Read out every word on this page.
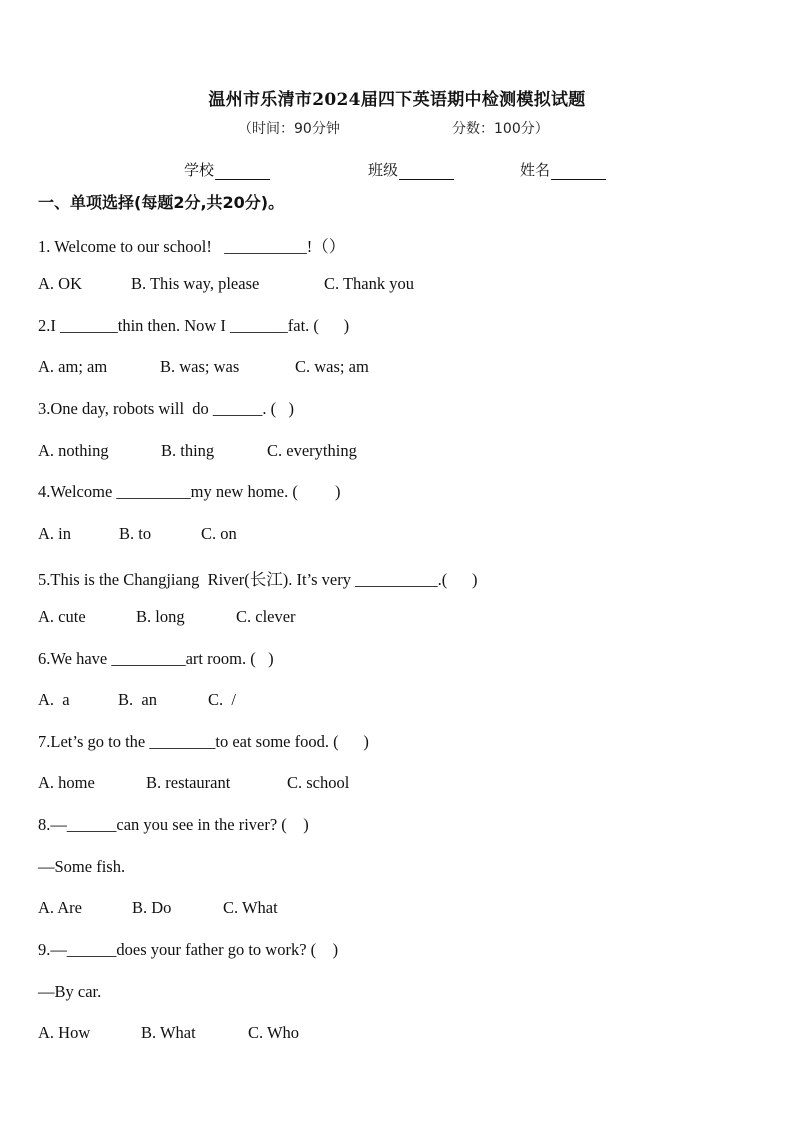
温州市乐清市2024届四下英语期中检测模拟试题
（时间：90分钟	分数：100分）
学校	班级	姓名
一、单项选择(每题2分,共20分)。
1. Welcome to our school!   __________!（）
A. OK	B. This way, please	C. Thank you
2.I _______thin then. Now I _______fat. (      )
A. am; am	B. was; was	C. was; am
3.One day, robots will  do ______. (   )
A. nothing	B. thing	C. everything
4.Welcome _________my new home. (         )
A. in	B. to	C. on
5.This is the Changjiang  River(长江). It’s very __________.(      )
A. cute	B. long	C. clever
6.We have _________art room. (   )
A.  a	B.  an	C.  /
7.Let’s go to the ________to eat some food. (      )
A. home	B. restaurant	C. school
8.—______can you see in the river? (    )
—Some fish.
A. Are	B. Do	C. What
9.—______does your father go to work? (    )
—By car.
A. How	B. What	C. Who
